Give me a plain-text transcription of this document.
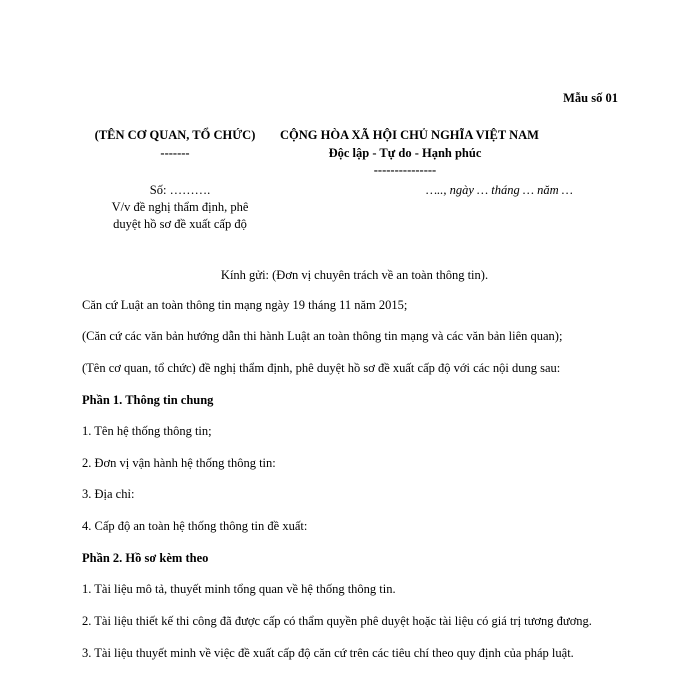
Mẫu số 01
(TÊN CƠ QUAN, TỔ CHỨC)
-------
CỘNG HÒA XÃ HỘI CHỦ NGHĨA VIỆT NAM
Độc lập - Tự do - Hạnh phúc
---------------
Số: ……….
V/v đề nghị thẩm định, phê
duyệt hồ sơ đề xuất cấp độ
….., ngày … tháng … năm …
Kính gửi: (Đơn vị chuyên trách về an toàn thông tin).

Căn cứ Luật an toàn thông tin mạng ngày 19 tháng 11 năm 2015;

(Căn cứ các văn bản hướng dẫn thi hành Luật an toàn thông tin mạng và các văn bản liên quan);

(Tên cơ quan, tổ chức) đề nghị thẩm định, phê duyệt hồ sơ đề xuất cấp độ với các nội dung sau:

Phần 1. Thông tin chung

1. Tên hệ thống thông tin;

2. Đơn vị vận hành hệ thống thông tin:

3. Địa chỉ:

4. Cấp độ an toàn hệ thống thông tin đề xuất:

Phần 2. Hồ sơ kèm theo

1. Tài liệu mô tả, thuyết minh tổng quan về hệ thống thông tin.

2. Tài liệu thiết kế thi công đã được cấp có thẩm quyền phê duyệt hoặc tài liệu có giá trị tương đương.

3. Tài liệu thuyết minh về việc đề xuất cấp độ căn cứ trên các tiêu chí theo quy định của pháp luật.
